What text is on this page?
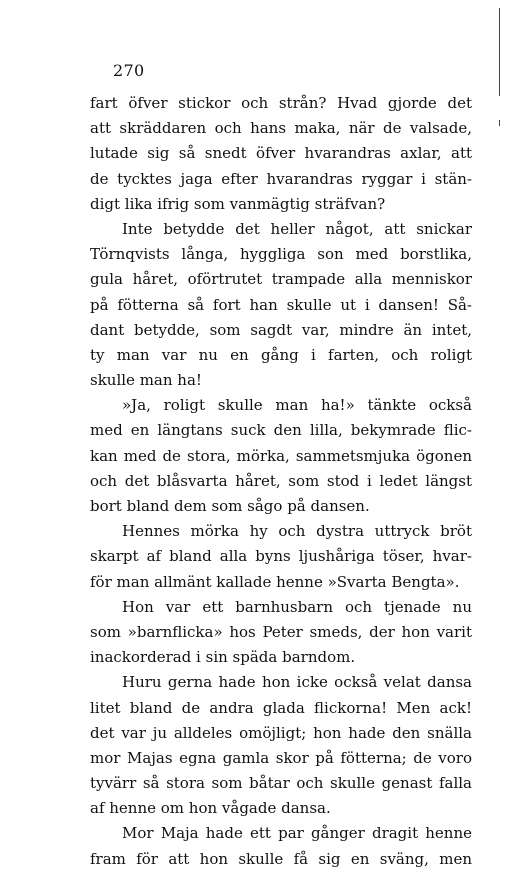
270
fart öfver stickor och strån? Hvad gjorde det
att skräddaren och hans maka, när de valsade,
lutade sig så snedt öfver hvarandras axlar, att
de tycktes jaga efter hvarandras ryggar i stän-
digt lika ifrig som vanmägtig sträfvan?
Inte betydde det heller något, att snickar
Törnqvists långa, hyggliga son med borstlika,
gula håret, oförtrutet trampade alla menniskor
på fötterna så fort han skulle ut i dansen! Så-
dant betydde, som sagdt var, mindre än intet,
ty man var nu en gång i farten, och roligt
skulle man ha!
»Ja, roligt skulle man ha!» tänkte också
med en längtans suck den lilla, bekymrade flic-
kan med de stora, mörka, sammetsmjuka ögonen
och det blåsvarta håret, som stod i ledet längst
bort bland dem som sågo på dansen.
Hennes mörka hy och dystra uttryck bröt
skarpt af bland alla byns ljushåriga töser, hvar-
för man allmänt kallade henne »Svarta Bengta».
Hon var ett barnhusbarn och tjenade nu
som »barnflicka» hos Peter smeds, der hon varit
inackorderad i sin späda barndom.
Huru gerna hade hon icke också velat dansa
litet bland de andra glada flickorna! Men ack!
det var ju alldeles omöjligt; hon hade den snälla
mor Majas egna gamla skor på fötterna; de voro
tyvärr så stora som båtar och skulle genast falla
af henne om hon vågade dansa.
Mor Maja hade ett par gånger dragit henne
fram för att hon skulle få sig en sväng, men
